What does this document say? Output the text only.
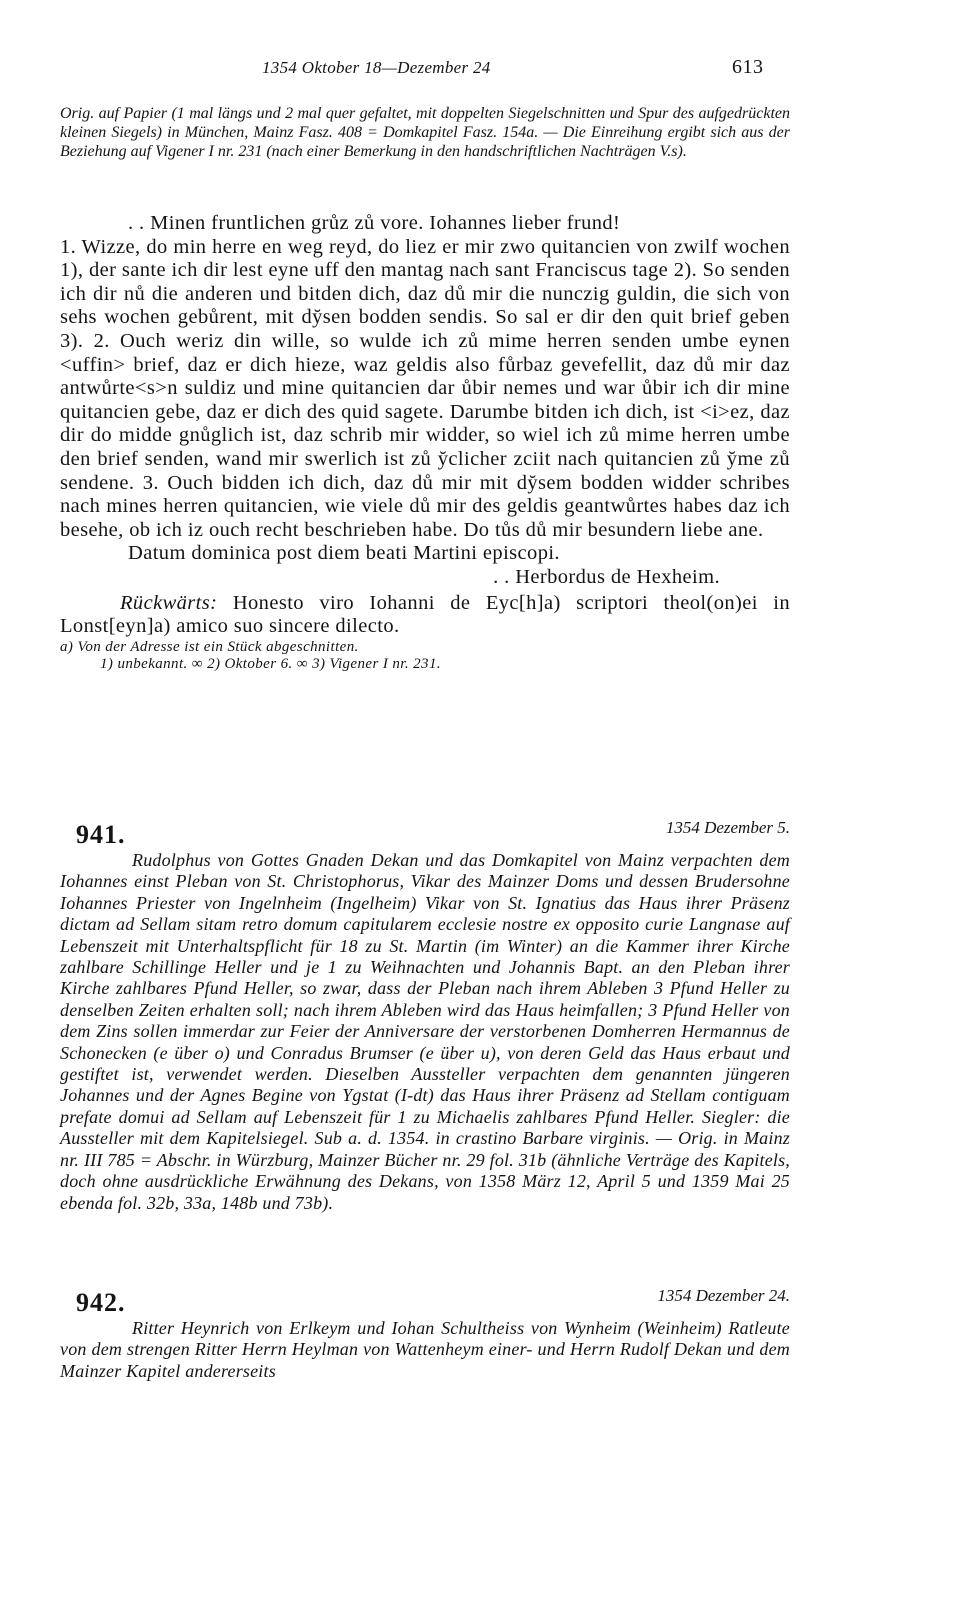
1354 Oktober 18—Dezember 24	613
Orig. auf Papier (1 mal längs und 2 mal quer gefaltet, mit doppelten Siegelschnitten und Spur des aufgedrückten kleinen Siegels) in München, Mainz Fasz. 408 = Domkapitel Fasz. 154a. — Die Einreihung ergibt sich aus der Beziehung auf Vigener I nr. 231 (nach einer Bemerkung in den handschriftlichen Nachträgen V.s).

. . Minen fruntlichen grůz zů vore. Iohannes lieber frund!

1. Wizze, do min herre en weg reyd, do liez er mir zwo quitancien von zwilf wochen 1), der sante ich dir lest eyne uff den mantag nach sant Franciscus tage 2). So senden ich dir nů die anderen und bitden dich, daz dů mir die nunczig guldin, die sich von sehs wochen gebůrent, mit dy̆sen bodden sendis. So sal er dir den quit brief geben 3). 2. Ouch weriz din wille, so wulde ich zů mime herren senden umbe eynen ˂uffin˃ brief, daz er dich hieze, waz geldis also fůrbaz gevefellit, daz dů mir daz antwůrte<s>n suldiz und mine quitancien dar ůbir nemes und war ůbir ich dir mine quitancien gebe, daz er dich des quid sagete. Darumbe bitden ich dich, ist <i>ez, daz dir do midde gnůglich ist, daz schrib mir widder, so wiel ich zů mime herren umbe den brief senden, wand mir swerlich ist zů y̆clicher zciit nach quitancien zů y̆me zů sendene. 3. Ouch bidden ich dich, daz dů mir mit dy̆sem bodden widder schribes nach mines herren quitancien, wie viele dů mir des geldis geantwůrtes habes daz ich besehe, ob ich iz ouch recht beschrieben habe. Do tůs dů mir besundern liebe ane.

Datum dominica post diem beati Martini episcopi.

. . Herbordus de Hexheim.

Rückwärts: Honesto viro Iohanni de Eyc[h]a) scriptori theol(on)ei in Lonst[eyn]a) amico suo sincere dilecto.

a) Von der Adresse ist ein Stück abgeschnitten.
1) unbekannt. ∞ 2) Oktober 6. ∞ 3) Vigener I nr. 231.
941.	1354 Dezember 5.

Rudolphus von Gottes Gnaden Dekan und das Domkapitel von Mainz verpachten dem Iohannes einst Pleban von St. Christophorus, Vikar des Mainzer Doms und dessen Brudersohne Iohannes Priester von Ingelnheim (Ingelheim) Vikar von St. Ignatius das Haus ihrer Präsenz dictam ad Sellam sitam retro domum capitularem ecclesie nostre ex opposito curie Langnase auf Lebenszeit mit Unterhaltspflicht für 18 zu St. Martin (im Winter) an die Kammer ihrer Kirche zahlbare Schillinge Heller und je 1 zu Weihnachten und Johannis Bapt. an den Pleban ihrer Kirche zahlbares Pfund Heller, so zwar, dass der Pleban nach ihrem Ableben 3 Pfund Heller zu denselben Zeiten erhalten soll; nach ihrem Ableben wird das Haus heimfallen; 3 Pfund Heller von dem Zins sollen immerdar zur Feier der Anniversare der verstorbenen Domherren Hermannus de Schonecken (e über o) und Conradus Brumser (e über u), von deren Geld das Haus erbaut und gestiftet ist, verwendet werden. Dieselben Aussteller verpachten dem genannten jüngeren Johannes und der Agnes Begine von Ygstat (I-dt) das Haus ihrer Präsenz ad Stellam contiguam prefate domui ad Sellam auf Lebenszeit für 1 zu Michaelis zahlbares Pfund Heller. Siegler: die Aussteller mit dem Kapitelsiegel. Sub a. d. 1354. in crastino Barbare virginis. — Orig. in Mainz nr. III 785 = Abschr. in Würzburg, Mainzer Bücher nr. 29 fol. 31b (ähnliche Verträge des Kapitels, doch ohne ausdrückliche Erwähnung des Dekans, von 1358 März 12, April 5 und 1359 Mai 25 ebenda fol. 32b, 33a, 148b und 73b).

942.	1354 Dezember 24.

Ritter Heynrich von Erlkeym und Iohan Schultheiss von Wynheim (Weinheim) Ratleute von dem strengen Ritter Herrn Heylman von Wattenheym einer- und Herrn Rudolf Dekan und dem Mainzer Kapitel andererseits
